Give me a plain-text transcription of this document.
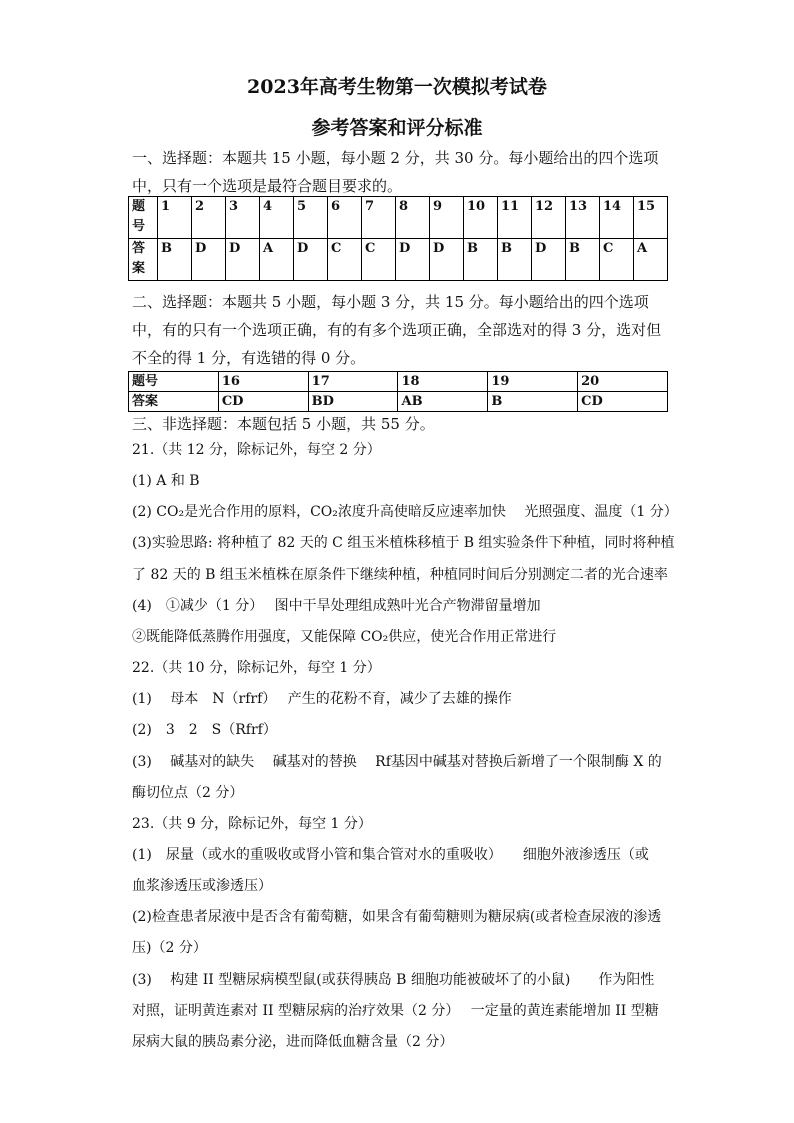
2023年高考生物第一次模拟考试卷
参考答案和评分标准
一、选择题：本题共 15 小题，每小题 2 分，共 30 分。每小题给出的四个选项中，只有一个选项是最符合题目要求的。
题号	1	2	3	4	5	6	7	8	9	10	11	12	13	14	15
答案	B	D	D	A	D	C	C	D	D	B	B	D	B	C	A
二、选择题：本题共 5 小题，每小题 3 分，共 15 分。每小题给出的四个选项中，有的只有一个选项正确，有的有多个选项正确，全部选对的得 3 分，选对但不全的得 1 分，有选错的得 0 分。
题号	16	17	18	19	20
答案	CD	BD	AB	B	CD
三、非选择题：本题包括 5 小题，共 55 分。
21.（共 12 分，除标记外，每空 2 分）
(1) A 和 B
(2) CO₂是光合作用的原料，CO₂浓度升高使暗反应速率加快　 光照强度、温度（1 分）
(3)实验思路: 将种植了 82 天的 C 组玉米植株移植于 B 组实验条件下种植，同时将种植
了 82 天的 B 组玉米植株在原条件下继续种植，种植同时间后分别测定二者的光合速率
(4)　①减少（1 分）　 图中干旱处理组成熟叶光合产物滞留量增加
②既能降低蒸腾作用强度，又能保障 CO₂供应，使光合作用正常进行
22.（共 10 分，除标记外，每空 1 分）
(1)　 母本　N（rfrf）　 产生的花粉不育，减少了去雄的操作
(2)　3　2　S（Rfrf）
(3)　 碱基对的缺失　 碱基对的替换　 Rf基因中碱基对替换后新增了一个限制酶 X 的
酶切位点（2 分）
23.（共 9 分，除标记外，每空 1 分）
(1)　尿量（或水的重吸收或肾小管和集合管对水的重吸收）　　细胞外液渗透压（或
血浆渗透压或渗透压）
(2)检查患者尿液中是否含有葡萄糖，如果含有葡萄糖则为糖尿病(或者检查尿液的渗透
压)（2 分）
(3)　 构建 II 型糖尿病模型鼠(或获得胰岛 B 细胞功能被破坏了的小鼠)　　作为阳性
对照，证明黄连素对 II 型糖尿病的治疗效果（2 分）　 一定量的黄连素能增加 II 型糖
尿病大鼠的胰岛素分泌，进而降低血糖含量（2 分）
